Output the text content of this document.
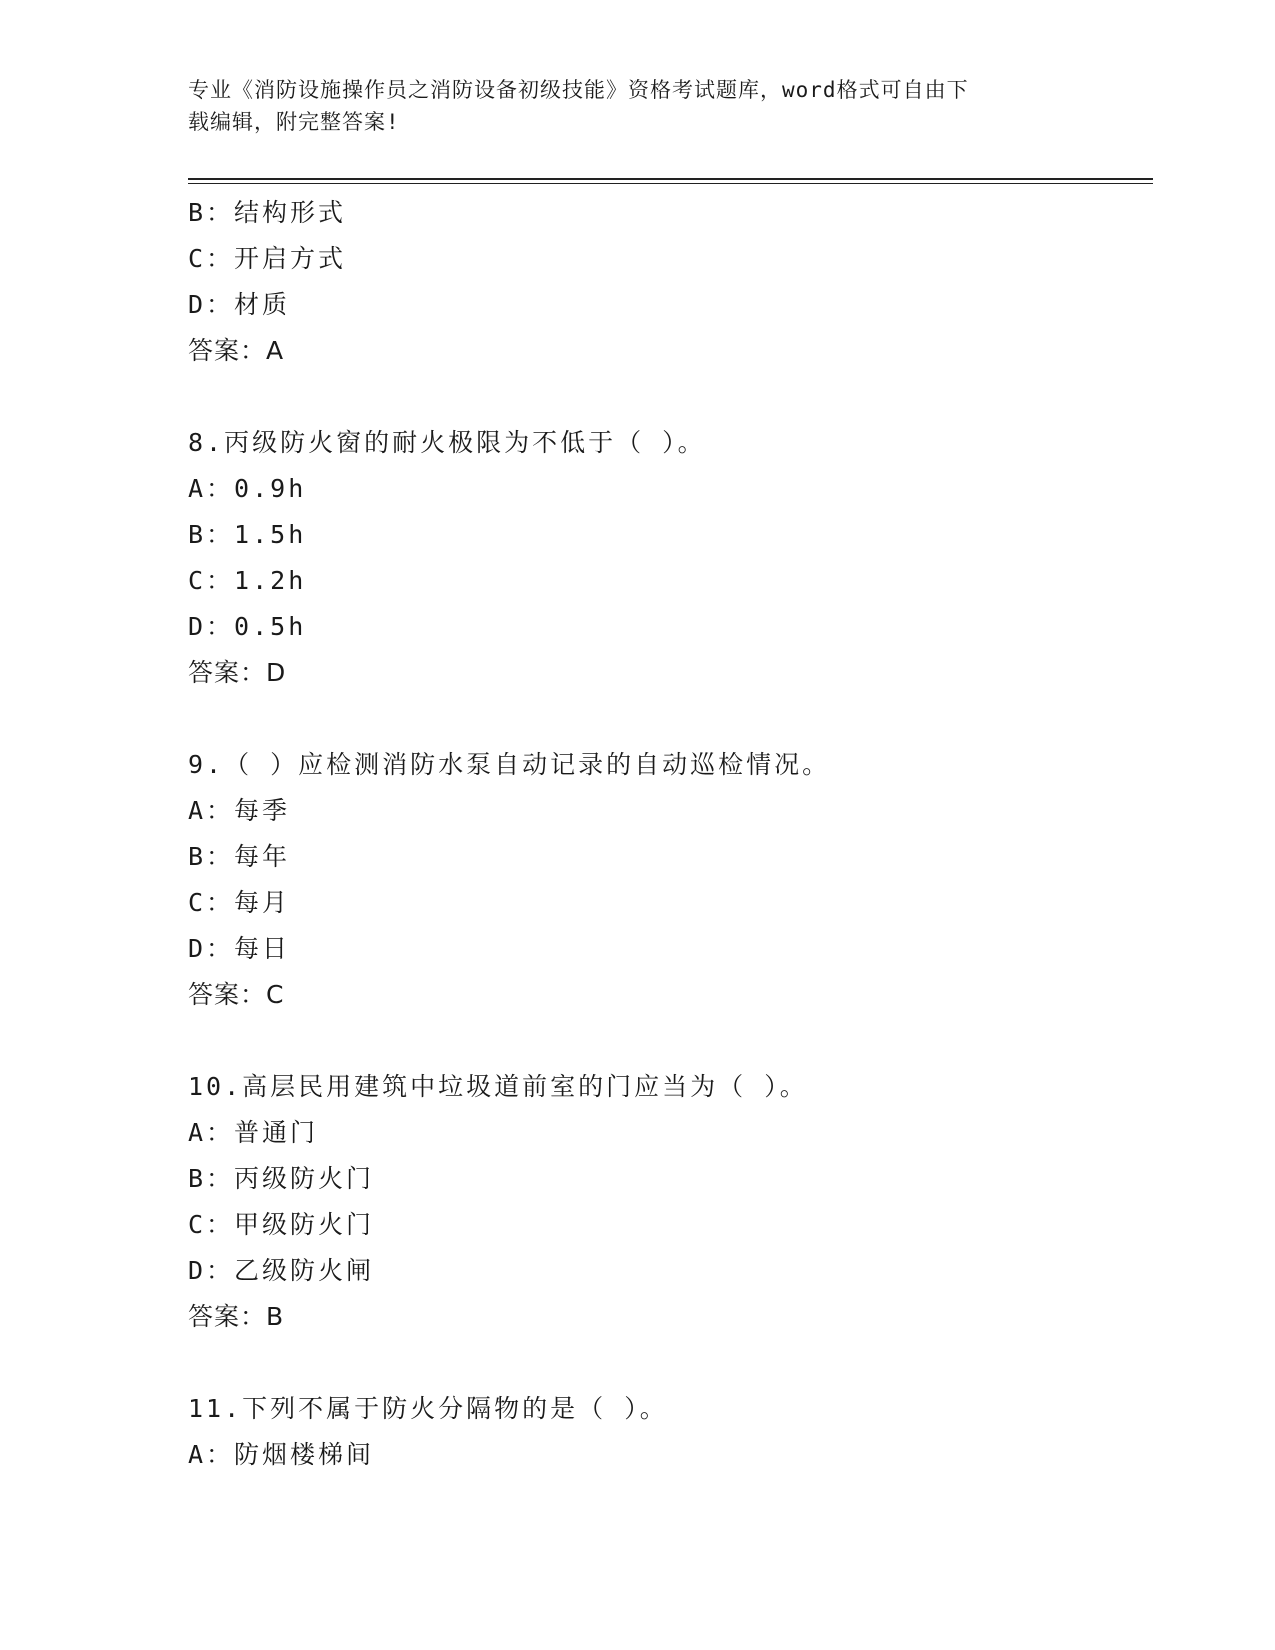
专业《消防设施操作员之消防设备初级技能》资格考试题库，word格式可自由下
载编辑，附完整答案!
B：结构形式
C：开启方式
D：材质
答案：A
8.丙级防火窗的耐火极限为不低于（ ）。
A：0.9h
B：1.5h
C：1.2h
D：0.5h
答案：D
9.（ ）应检测消防水泵自动记录的自动巡检情况。
A：每季
B：每年
C：每月
D：每日
答案：C
10.高层民用建筑中垃圾道前室的门应当为（ ）。
A：普通门
B：丙级防火门
C：甲级防火门
D：乙级防火闸
答案：B
11.下列不属于防火分隔物的是（ ）。
A：防烟楼梯间
